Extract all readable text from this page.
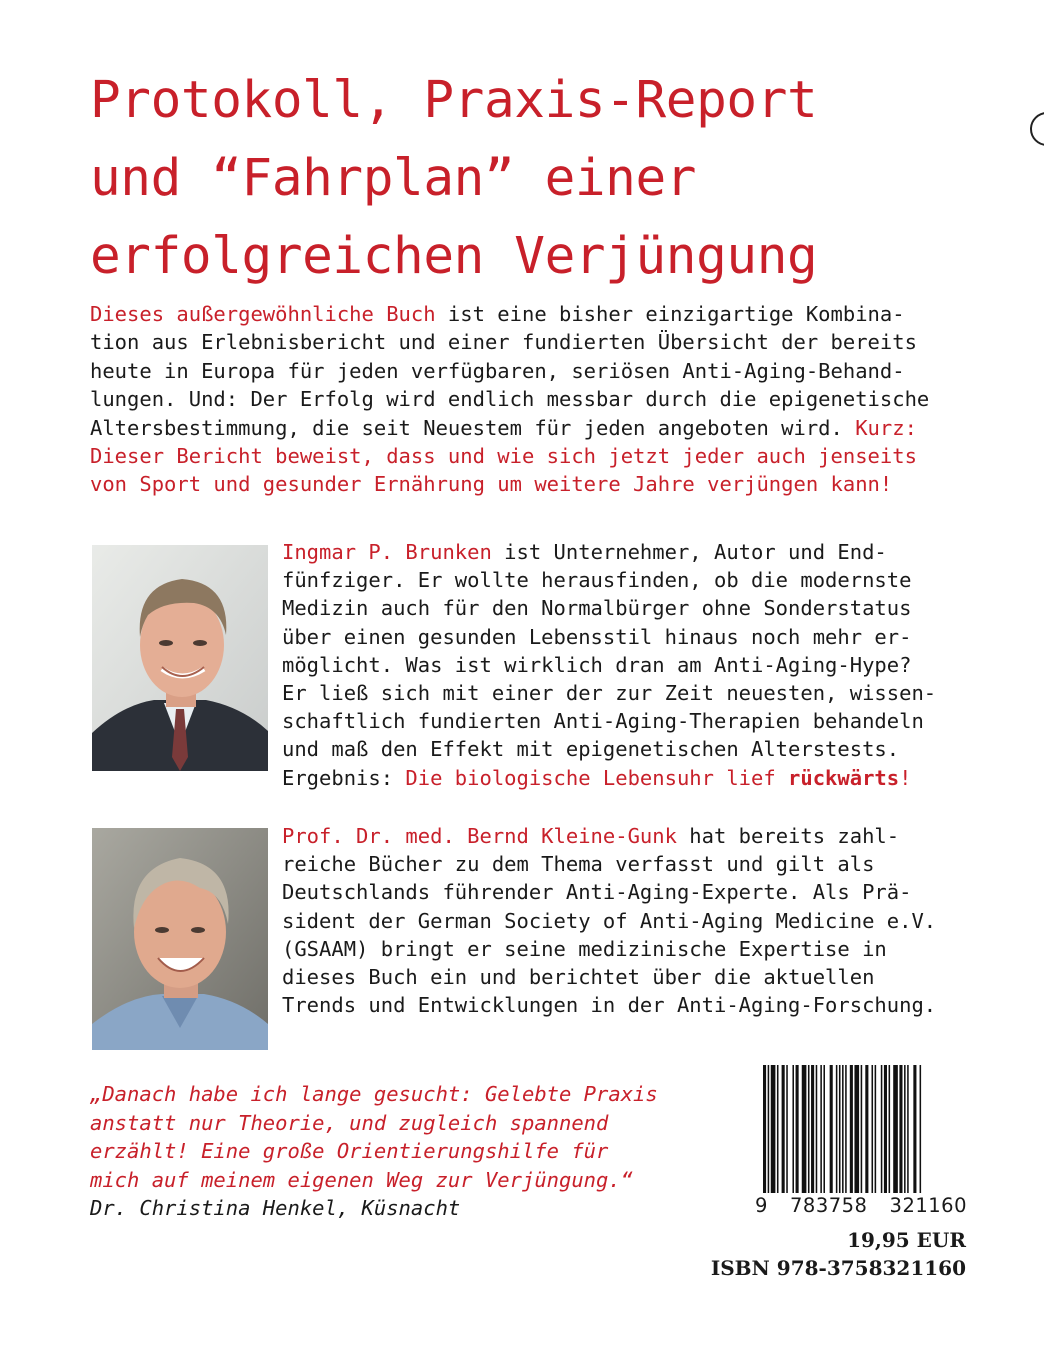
Protokoll, Praxis-Report
und “Fahrplan” einer
erfolgreichen Verjüngung
Dieses außergewöhnliche Buch ist eine bisher einzigartige Kombina-
tion aus Erlebnisbericht und einer fundierten Übersicht der bereits
heute in Europa für jeden verfügbaren, seriösen Anti-Aging-Behand-
lungen. Und: Der Erfolg wird endlich messbar durch die epigenetische
Altersbestimmung, die seit Neuestem für jeden angeboten wird. Kurz:
Dieser Bericht beweist, dass und wie sich jetzt jeder auch jenseits
von Sport und gesunder Ernährung um weitere Jahre verjüngen kann!
Ingmar P. Brunken ist Unternehmer, Autor und End-
fünfziger. Er wollte herausfinden, ob die modernste
Medizin auch für den Normalbürger ohne Sonderstatus
über einen gesunden Lebensstil hinaus noch mehr er-
möglicht. Was ist wirklich dran am Anti-Aging-Hype?
Er ließ sich mit einer der zur Zeit neuesten, wissen-
schaftlich fundierten Anti-Aging-Therapien behandeln
und maß den Effekt mit epigenetischen Alterstests.
Ergebnis: Die biologische Lebensuhr lief rückwärts!
Prof. Dr. med. Bernd Kleine-Gunk hat bereits zahl-
reiche Bücher zu dem Thema verfasst und gilt als
Deutschlands führender Anti-Aging-Experte. Als Prä-
sident der German Society of Anti-Aging Medicine e.V.
(GSAAM) bringt er seine medizinische Expertise in
dieses Buch ein und berichtet über die aktuellen
Trends und Entwicklungen in der Anti-Aging-Forschung.
„Danach habe ich lange gesucht: Gelebte Praxis
anstatt nur Theorie, und zugleich spannend
erzählt! Eine große Orientierungshilfe für
mich auf meinem eigenen Weg zur Verjüngung.“
Dr. Christina Henkel, Küsnacht	9 783758 321160
19,95 EUR
ISBN 978-3758321160
